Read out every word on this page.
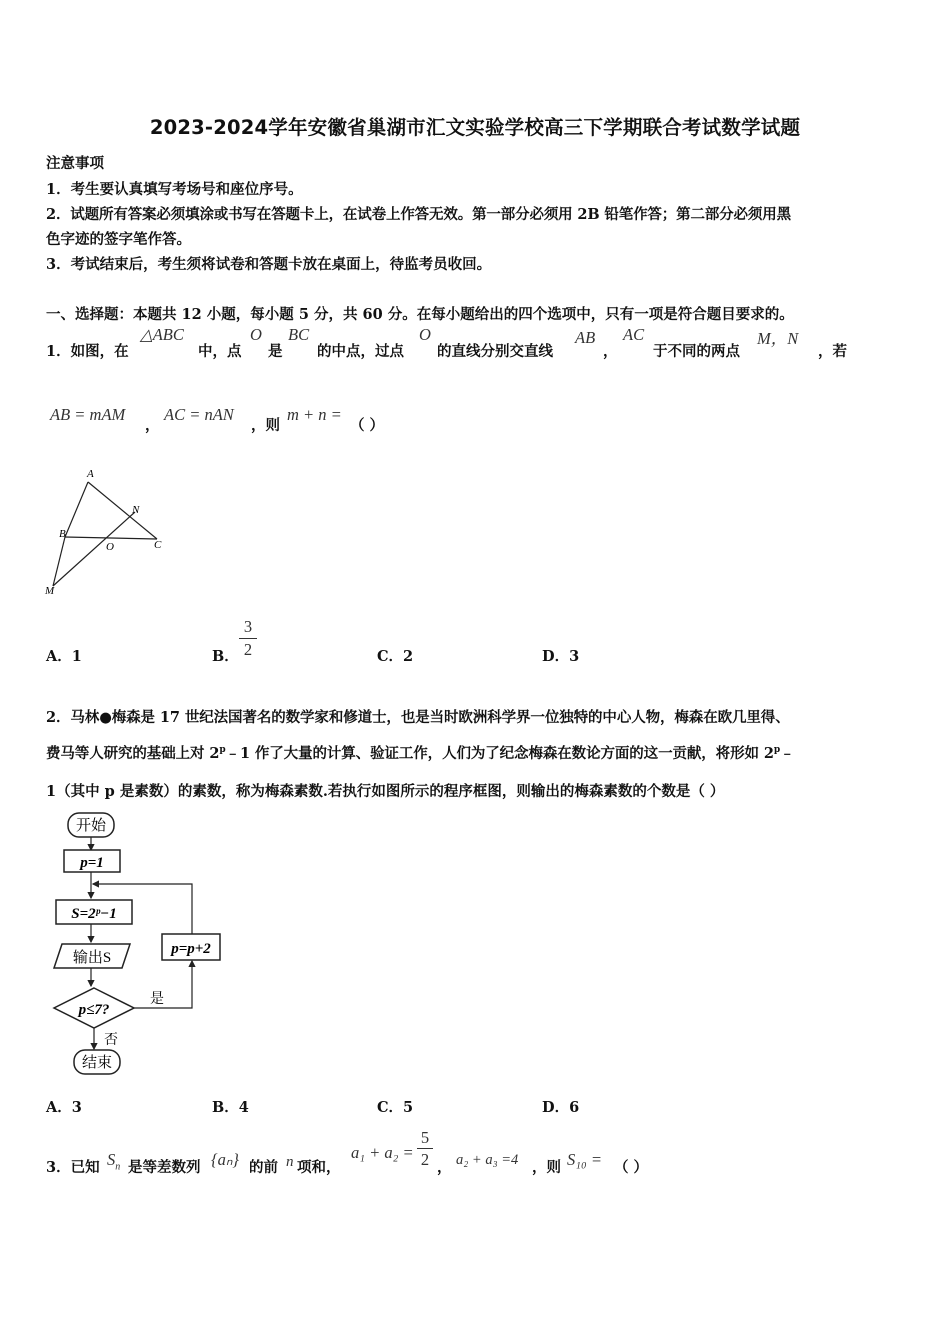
2023-2024学年安徽省巢湖市汇文实验学校高三下学期联合考试数学试题
注意事项
1．考生要认真填写考场号和座位序号。
2．试题所有答案必须填涂或书写在答题卡上，在试卷上作答无效。第一部分必须用 2B 铅笔作答；第二部分必须用黑
色字迹的签字笔作答。
3．考试结束后，考生须将试卷和答题卡放在桌面上，待监考员收回。
一、选择题：本题共 12 小题，每小题 5 分，共 60 分。在每小题给出的四个选项中，只有一项是符合题目要求的。
1．如图，在
△ABC
中，点
O
是
BC
的中点，过点
O
的直线分别交直线
AB
，
AC
于不同的两点
M，N
，若
AB = mAM
，
AC = nAN
，则
m + n =
（ ）
A
B
C
O
N
M
A．1	B．
3
2	C．2	D．3
2．马林●梅森是 17 世纪法国著名的数学家和修道士，也是当时欧洲科学界一位独特的中心人物，梅森在欧几里得、
费马等人研究的基础上对 2$^p$﹣1 作了大量的计算、验证工作，人们为了纪念梅森在数论方面的这一贡献，将形如 2$^p$﹣
1（其中 p 是素数）的素数，称为梅森素数.若执行如图所示的程序框图，则输出的梅森素数的个数是（ ）
开始
p=1
S=2ᵖ−1
输出S
p≤7?
是
p=p+2
否
结束
A．3	B．4	C．5	D．6
3．已知 $S_n$ 是等差数列 {aₙ} 的前 n 项和，
a₁ + a₂ =
5
2 ， a₂ + a₃ =4 ，则 S₁₀ = （ ）
